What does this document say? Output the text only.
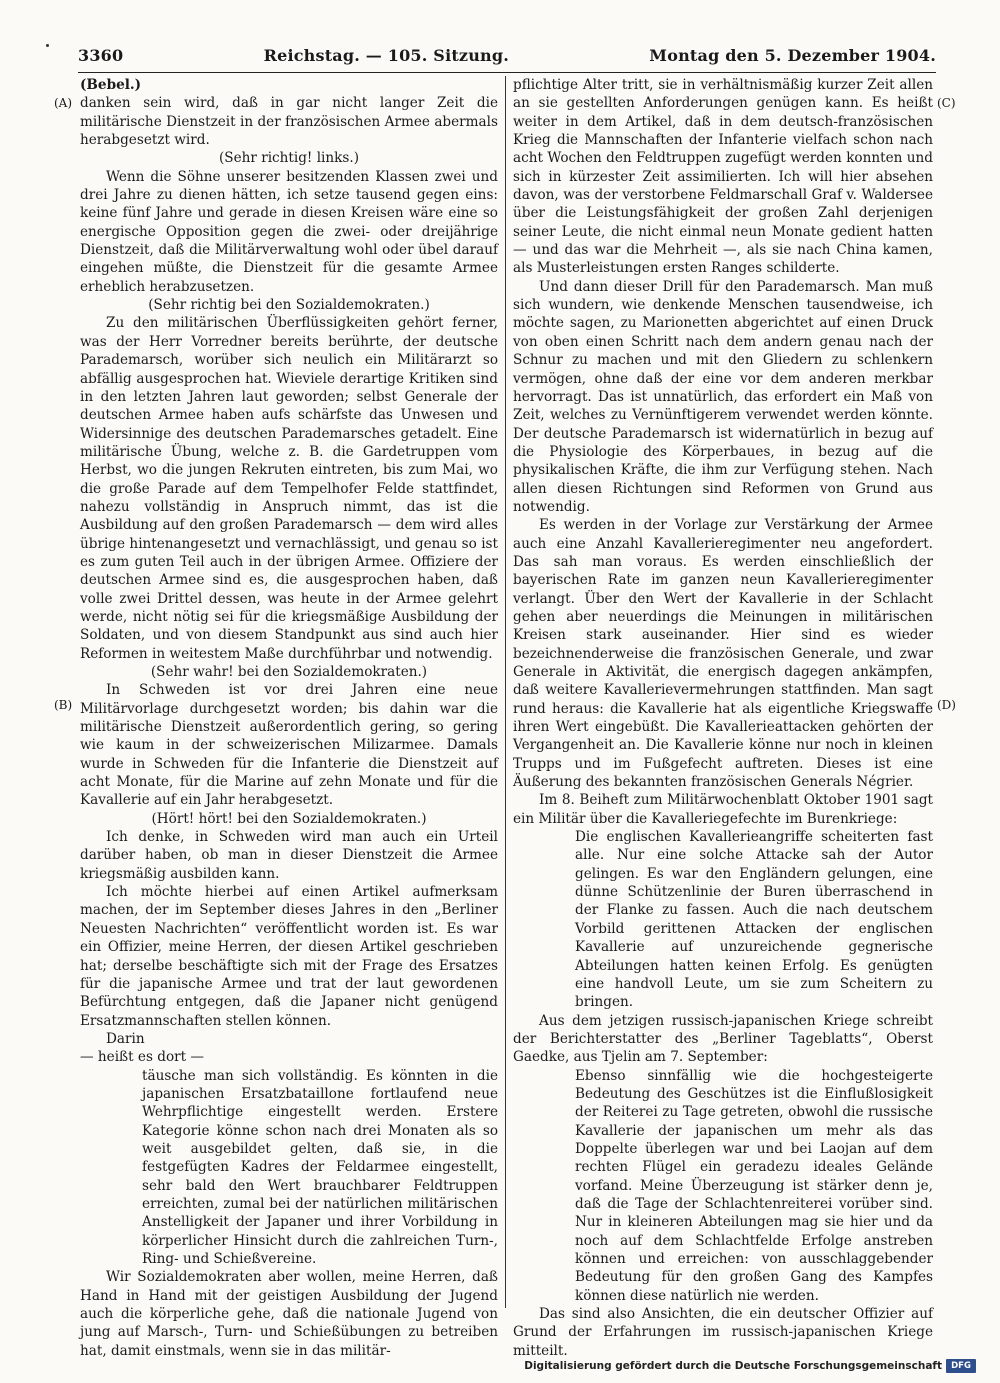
3360	Reichstag. — 105. Sitzung.	Montag den 5. Dezember 1904.
(A)
(B)
(C)
(D)

(Bebel.)

danken sein wird, daß in gar nicht langer Zeit die militärische Dienstzeit in der französischen Armee abermals herabgesetzt wird.

(Sehr richtig! links.)

Wenn die Söhne unserer besitzenden Klassen zwei und drei Jahre zu dienen hätten, ich setze tausend gegen eins: keine fünf Jahre und gerade in diesen Kreisen wäre eine so energische Opposition gegen die zwei- oder dreijährige Dienstzeit, daß die Militärverwaltung wohl oder übel darauf eingehen müßte, die Dienstzeit für die gesamte Armee erheblich herabzusetzen.

(Sehr richtig bei den Sozialdemokraten.)

Zu den militärischen Überflüssigkeiten gehört ferner, was der Herr Vorredner bereits berührte, der deutsche Parademarsch, worüber sich neulich ein Militärarzt so abfällig ausgesprochen hat. Wieviele derartige Kritiken sind in den letzten Jahren laut geworden; selbst Generale der deutschen Armee haben aufs schärfste das Unwesen und Widersinnige des deutschen Parademarsches getadelt. Eine militärische Übung, welche z. B. die Gardetruppen vom Herbst, wo die jungen Rekruten eintreten, bis zum Mai, wo die große Parade auf dem Tempelhofer Felde stattfindet, nahezu vollständig in Anspruch nimmt, das ist die Ausbildung auf den großen Parademarsch — dem wird alles übrige hintenangesetzt und vernachlässigt, und genau so ist es zum guten Teil auch in der übrigen Armee. Offiziere der deutschen Armee sind es, die ausgesprochen haben, daß volle zwei Drittel dessen, was heute in der Armee gelehrt werde, nicht nötig sei für die kriegsmäßige Ausbildung der Soldaten, und von diesem Standpunkt aus sind auch hier Reformen in weitestem Maße durchführbar und notwendig.

(Sehr wahr! bei den Sozialdemokraten.)

In Schweden ist vor drei Jahren eine neue Militärvorlage durchgesetzt worden; bis dahin war die militärische Dienstzeit außerordentlich gering, so gering wie kaum in der schweizerischen Milizarmee. Damals wurde in Schweden für die Infanterie die Dienstzeit auf acht Monate, für die Marine auf zehn Monate und für die Kavallerie auf ein Jahr herabgesetzt.

(Hört! hört! bei den Sozialdemokraten.)

Ich denke, in Schweden wird man auch ein Urteil darüber haben, ob man in dieser Dienstzeit die Armee kriegsmäßig ausbilden kann.

Ich möchte hierbei auf einen Artikel aufmerksam machen, der im September dieses Jahres in den „Berliner Neuesten Nachrichten“ veröffentlicht worden ist. Es war ein Offizier, meine Herren, der diesen Artikel geschrieben hat; derselbe beschäftigte sich mit der Frage des Ersatzes für die japanische Armee und trat der laut gewordenen Befürchtung entgegen, daß die Japaner nicht genügend Ersatzmannschaften stellen können.

Darin

— heißt es dort —

täusche man sich vollständig. Es könnten in die japanischen Ersatzbataillone fortlaufend neue Wehrpflichtige eingestellt werden. Erstere Kategorie könne schon nach drei Monaten als so weit ausgebildet gelten, daß sie, in die festgefügten Kadres der Feldarmee eingestellt, sehr bald den Wert brauchbarer Feldtruppen erreichten, zumal bei der natürlichen militärischen Anstelligkeit der Japaner und ihrer Vorbildung in körperlicher Hinsicht durch die zahlreichen Turn-, Ring- und Schießvereine.

Wir Sozialdemokraten aber wollen, meine Herren, daß Hand in Hand mit der geistigen Ausbildung der Jugend auch die körperliche gehe, daß die nationale Jugend von jung auf Marsch-, Turn- und Schießübungen zu betreiben hat, damit einstmals, wenn sie in das militär-

pflichtige Alter tritt, sie in verhältnismäßig kurzer Zeit allen an sie gestellten Anforderungen genügen kann. Es heißt weiter in dem Artikel, daß in dem deutsch-französischen Krieg die Mannschaften der Infanterie vielfach schon nach acht Wochen den Feldtruppen zugefügt werden konnten und sich in kürzester Zeit assimilierten. Ich will hier absehen davon, was der verstorbene Feldmarschall Graf v. Waldersee über die Leistungsfähigkeit der großen Zahl derjenigen seiner Leute, die nicht einmal neun Monate gedient hatten — und das war die Mehrheit —, als sie nach China kamen, als Musterleistungen ersten Ranges schilderte.

Und dann dieser Drill für den Parademarsch. Man muß sich wundern, wie denkende Menschen tausendweise, ich möchte sagen, zu Marionetten abgerichtet auf einen Druck von oben einen Schritt nach dem andern genau nach der Schnur zu machen und mit den Gliedern zu schlenkern vermögen, ohne daß der eine vor dem anderen merkbar hervorragt. Das ist unnatürlich, das erfordert ein Maß von Zeit, welches zu Vernünftigerem verwendet werden könnte. Der deutsche Parademarsch ist widernatürlich in bezug auf die Physiologie des Körperbaues, in bezug auf die physikalischen Kräfte, die ihm zur Verfügung stehen. Nach allen diesen Richtungen sind Reformen von Grund aus notwendig.

Es werden in der Vorlage zur Verstärkung der Armee auch eine Anzahl Kavallerieregimenter neu angefordert. Das sah man voraus. Es werden einschließlich der bayerischen Rate im ganzen neun Kavallerieregimenter verlangt. Über den Wert der Kavallerie in der Schlacht gehen aber neuerdings die Meinungen in militärischen Kreisen stark auseinander. Hier sind es wieder bezeichnenderweise die französischen Generale, und zwar Generale in Aktivität, die energisch dagegen ankämpfen, daß weitere Kavallerievermehrungen stattfinden. Man sagt rund heraus: die Kavallerie hat als eigentliche Kriegswaffe ihren Wert eingebüßt. Die Kavallerieattacken gehörten der Vergangenheit an. Die Kavallerie könne nur noch in kleinen Trupps und im Fußgefecht auftreten. Dieses ist eine Äußerung des bekannten französischen Generals Négrier.

Im 8. Beiheft zum Militärwochenblatt Oktober 1901 sagt ein Militär über die Kavalleriegefechte im Burenkriege:

Die englischen Kavallerieangriffe scheiterten fast alle. Nur eine solche Attacke sah der Autor gelingen. Es war den Engländern gelungen, eine dünne Schützenlinie der Buren überraschend in der Flanke zu fassen. Auch die nach deutschem Vorbild gerittenen Attacken der englischen Kavallerie auf unzureichende gegnerische Abteilungen hatten keinen Erfolg. Es genügten eine handvoll Leute, um sie zum Scheitern zu bringen.

Aus dem jetzigen russisch-japanischen Kriege schreibt der Berichterstatter des „Berliner Tageblatts“, Oberst Gaedke, aus Tjelin am 7. September:

Ebenso sinnfällig wie die hochgesteigerte Bedeutung des Geschützes ist die Einflußlosigkeit der Reiterei zu Tage getreten, obwohl die russische Kavallerie der japanischen um mehr als das Doppelte überlegen war und bei Laojan auf dem rechten Flügel ein geradezu ideales Gelände vorfand. Meine Überzeugung ist stärker denn je, daß die Tage der Schlachtenreiterei vorüber sind. Nur in kleineren Abteilungen mag sie hier und da noch auf dem Schlachtfelde Erfolge anstreben können und erreichen: von ausschlaggebender Bedeutung für den großen Gang des Kampfes können diese natürlich nie werden.

Das sind also Ansichten, die ein deutscher Offizier auf Grund der Erfahrungen im russisch-japanischen Kriege mitteilt.

Digitalisierung gefördert durch die Deutsche Forschungsgemeinschaft	DFG
